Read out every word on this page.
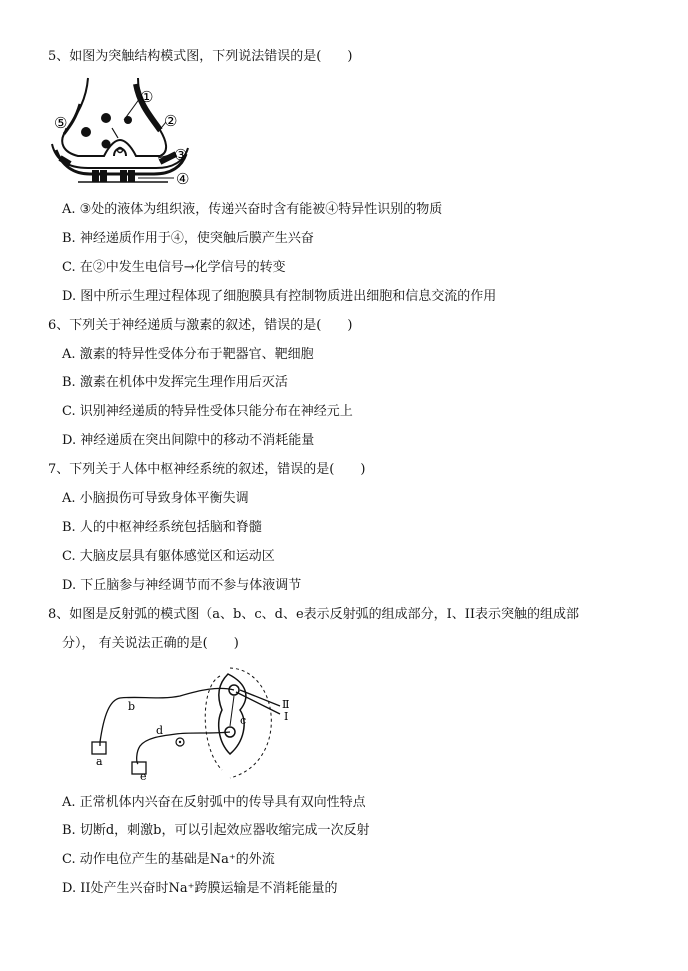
5、如图为突触结构模式图，下列说法错误的是(　　)
①
②
③
④
⑤
A. ③处的液体为组织液，传递兴奋时含有能被④特异性识别的物质
B. 神经递质作用于④，使突触后膜产生兴奋
C. 在②中发生电信号→化学信号的转变
D. 图中所示生理过程体现了细胞膜具有控制物质进出细胞和信息交流的作用
6、下列关于神经递质与激素的叙述，错误的是(　　)
A. 激素的特异性受体分布于靶器官、靶细胞
B. 激素在机体中发挥完生理作用后灭活
C. 识别神经递质的特异性受体只能分布在神经元上
D. 神经递质在突出间隙中的移动不消耗能量
7、下列关于人体中枢神经系统的叙述，错误的是(　　)
A. 小脑损伤可导致身体平衡失调
B. 人的中枢神经系统包括脑和脊髓
C. 大脑皮层具有躯体感觉区和运动区
D. 下丘脑参与神经调节而不参与体液调节
8、如图是反射弧的模式图（a、b、c、d、e表示反射弧的组成部分，I、II表示突触的组成部
分）， 有关说法正确的是(　　)
a
b
c
d
e
Ⅱ
Ⅰ
A. 正常机体内兴奋在反射弧中的传导具有双向性特点
B. 切断d，刺激b，可以引起效应器收缩完成一次反射
C. 动作电位产生的基础是Na⁺的外流
D. II处产生兴奋时Na⁺跨膜运输是不消耗能量的
